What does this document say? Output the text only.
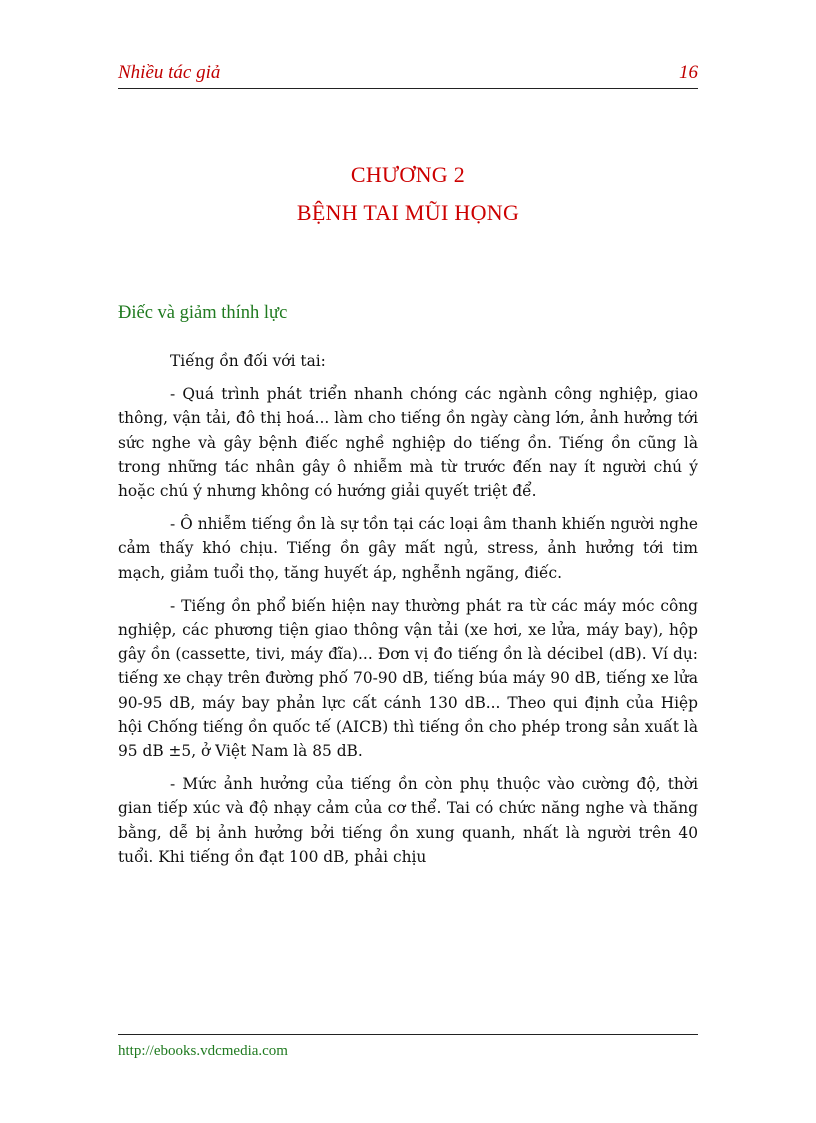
Nhiều tác giả	16
CHƯƠNG 2
BỆNH TAI MŨI HỌNG
Điếc và giảm thính lực

Tiếng ồn đối với tai:

- Quá trình phát triển nhanh chóng các ngành công nghiệp, giao thông, vận tải, đô thị hoá... làm cho tiếng ồn ngày càng lớn, ảnh hưởng tới sức nghe và gây bệnh điếc nghề nghiệp do tiếng ồn. Tiếng ồn cũng là trong những tác nhân gây ô nhiễm mà từ trước đến nay ít người chú ý hoặc chú ý nhưng không có hướng giải quyết triệt để.

- Ô nhiễm tiếng ồn là sự tồn tại các loại âm thanh khiến người nghe cảm thấy khó chịu. Tiếng ồn gây mất ngủ, stress, ảnh hưởng tới tim mạch, giảm tuổi thọ, tăng huyết áp, nghễnh ngãng, điếc.

- Tiếng ồn phổ biến hiện nay thường phát ra từ các máy móc công nghiệp, các phương tiện giao thông vận tải (xe hơi, xe lửa, máy bay), hộp gây ồn (cassette, tivi, máy đĩa)... Đơn vị đo tiếng ồn là décibel (dB). Ví dụ: tiếng xe chạy trên đường phố 70-90 dB, tiếng búa máy 90 dB, tiếng xe lửa 90-95 dB, máy bay phản lực cất cánh 130 dB... Theo qui định của Hiệp hội Chống tiếng ồn quốc tế (AICB) thì tiếng ồn cho phép trong sản xuất là 95 dB ±5, ở Việt Nam là 85 dB.

- Mức ảnh hưởng của tiếng ồn còn phụ thuộc vào cường độ, thời gian tiếp xúc và độ nhạy cảm của cơ thể. Tai có chức năng nghe và thăng bằng, dễ bị ảnh hưởng bởi tiếng ồn xung quanh, nhất là người trên 40 tuổi. Khi tiếng ồn đạt 100 dB, phải chịu

http://ebooks.vdcmedia.com
